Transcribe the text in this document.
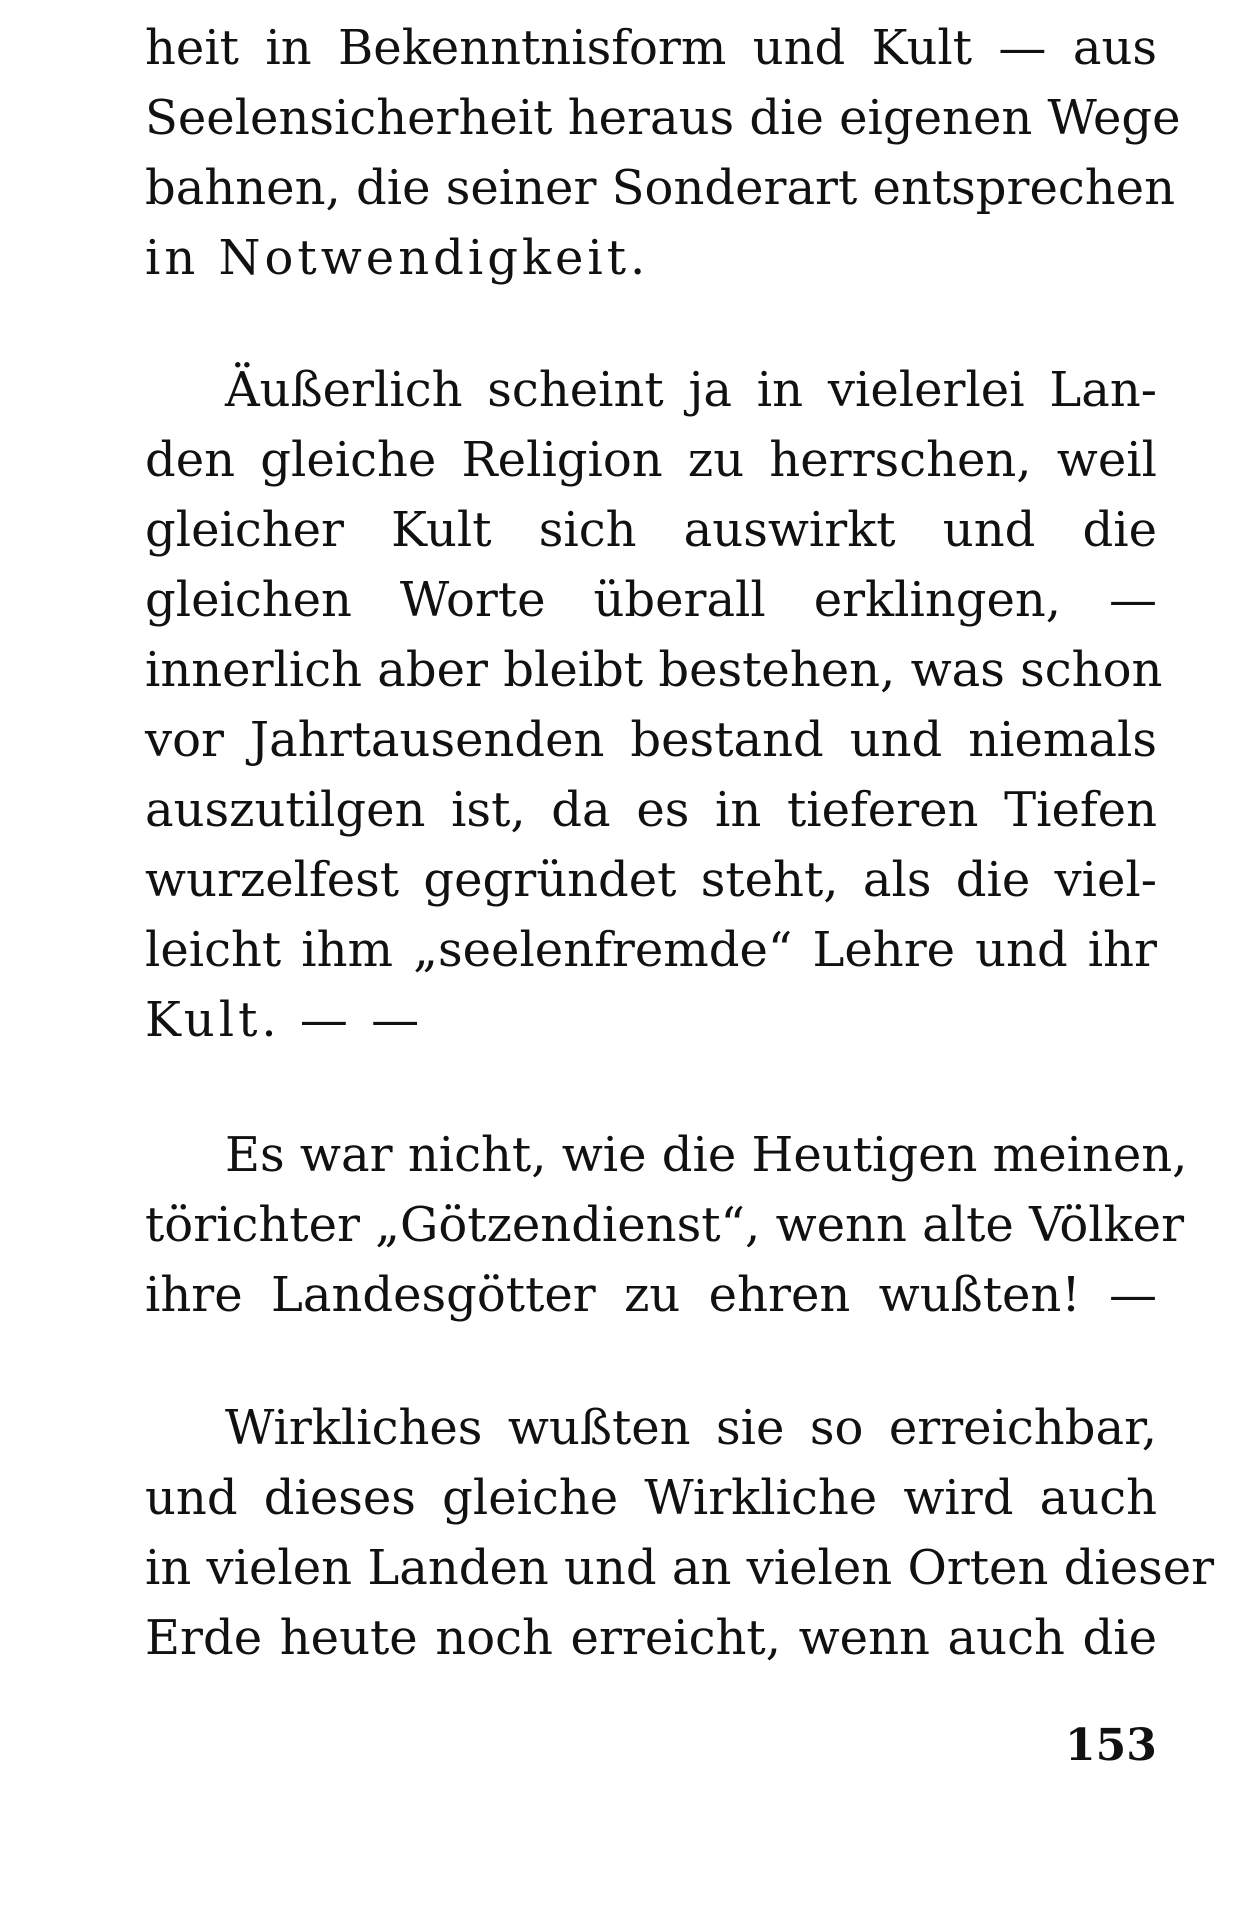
heit in Bekenntnisform und Kult — aus
Seelensicherheit heraus die eigenen Wege
bahnen, die seiner Sonderart entsprechen
in Notwendigkeit.
Äußerlich scheint ja in vielerlei Lan-
den gleiche Religion zu herrschen, weil
gleicher Kult sich auswirkt und die
gleichen Worte überall erklingen, —
innerlich aber bleibt bestehen, was schon
vor Jahrtausenden bestand und niemals
auszutilgen ist, da es in tieferen Tiefen
wurzelfest gegründet steht, als die viel-
leicht ihm „seelenfremde“ Lehre und ihr
Kult. — —
Es war nicht, wie die Heutigen meinen,
törichter „Götzendienst“, wenn alte Völker
ihre Landesgötter zu ehren wußten! —
Wirkliches wußten sie so erreichbar,
und dieses gleiche Wirkliche wird auch
in vielen Landen und an vielen Orten dieser
Erde heute noch erreicht, wenn auch die
153
